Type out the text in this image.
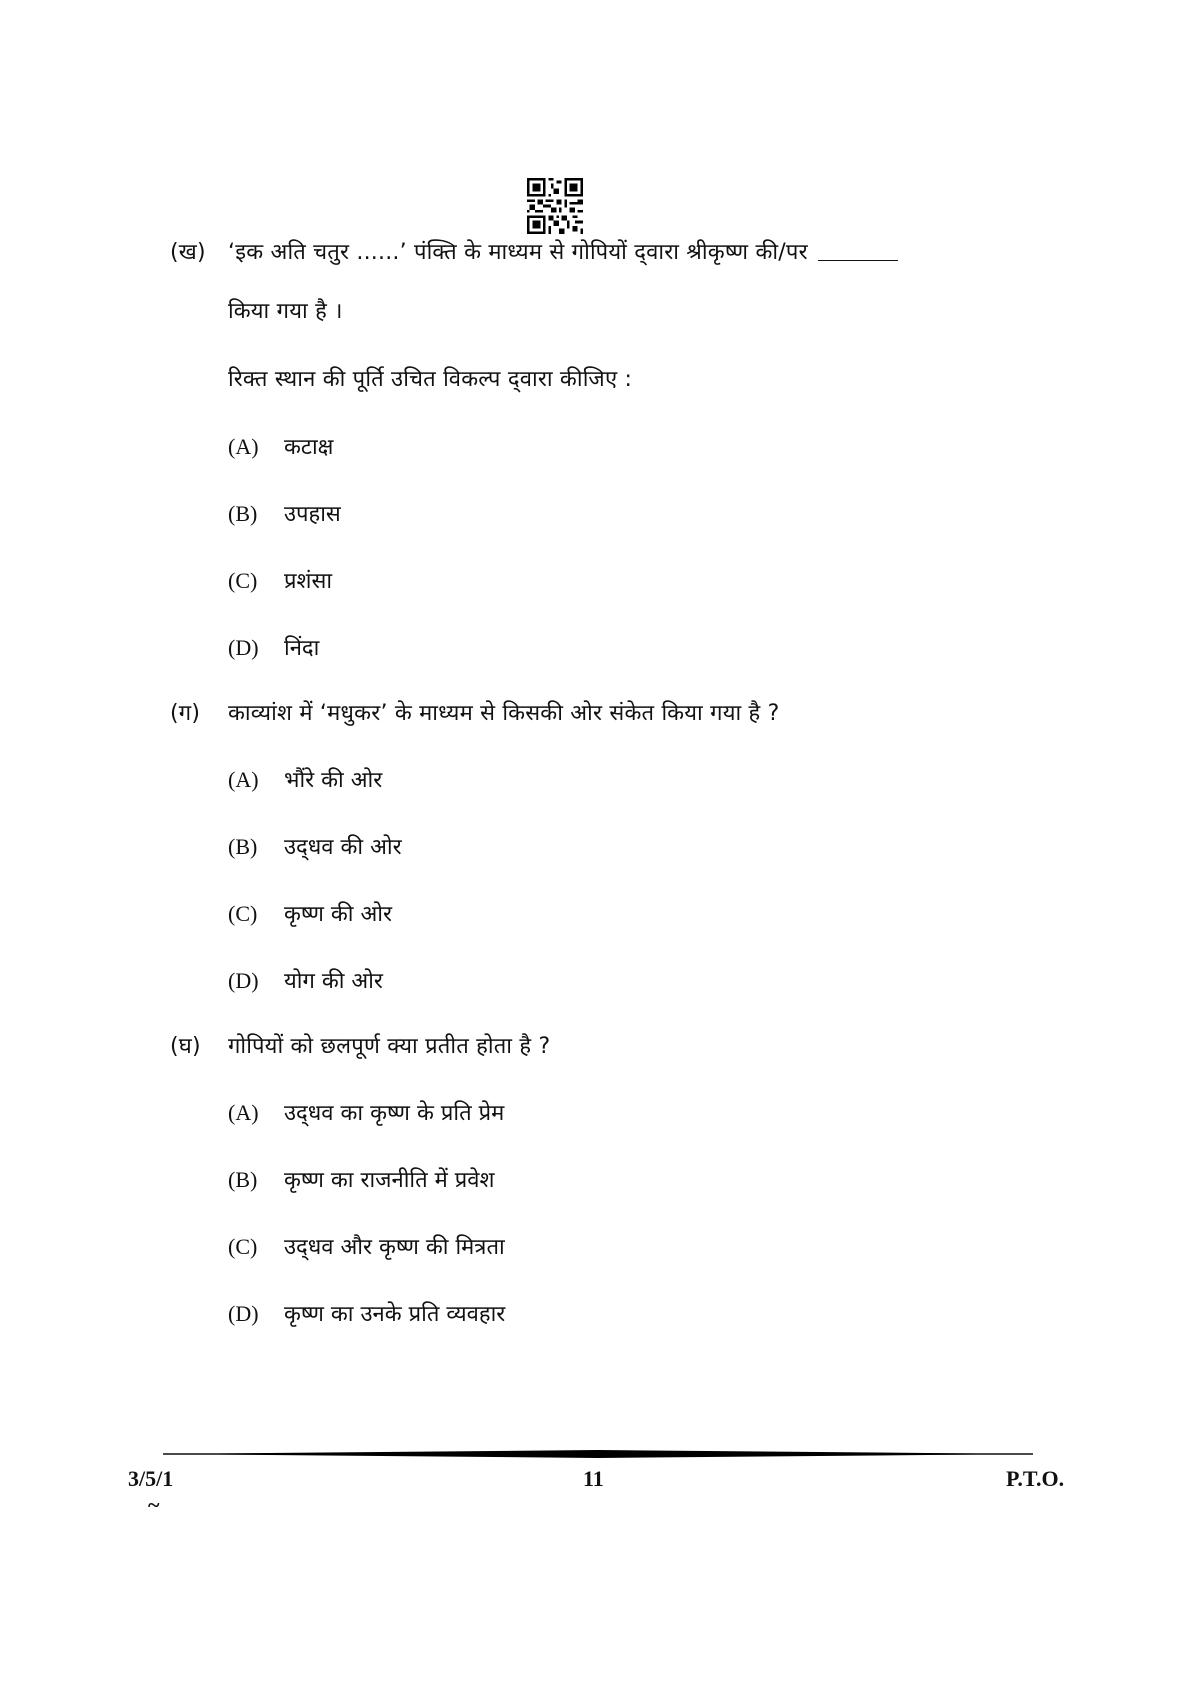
(ख) ‘इक अति चतुर ......’ पंक्ति के माध्यम से गोपियों द्‌वारा श्रीकृष्ण की/पर
किया गया है ।
रिक्त स्थान की पूर्ति उचित विकल्प द्‌वारा कीजिए :
(A) कटाक्ष
(B) उपहास
(C) प्रशंसा
(D) निंदा
(ग) काव्यांश में ‘मधुकर’ के माध्यम से किसकी ओर संकेत किया गया है ?
(A) भौंरे की ओर
(B) उद्‌धव की ओर
(C) कृष्ण की ओर
(D) योग की ओर
(घ) गोपियों को छलपूर्ण क्या प्रतीत होता है ?
(A) उद्‌धव का कृष्ण के प्रति प्रेम
(B) कृष्ण का राजनीति में प्रवेश
(C) उद्‌धव और कृष्ण की मित्रता
(D) कृष्ण का उनके प्रति व्यवहार
3/5/1	11	P.T.O.
~
